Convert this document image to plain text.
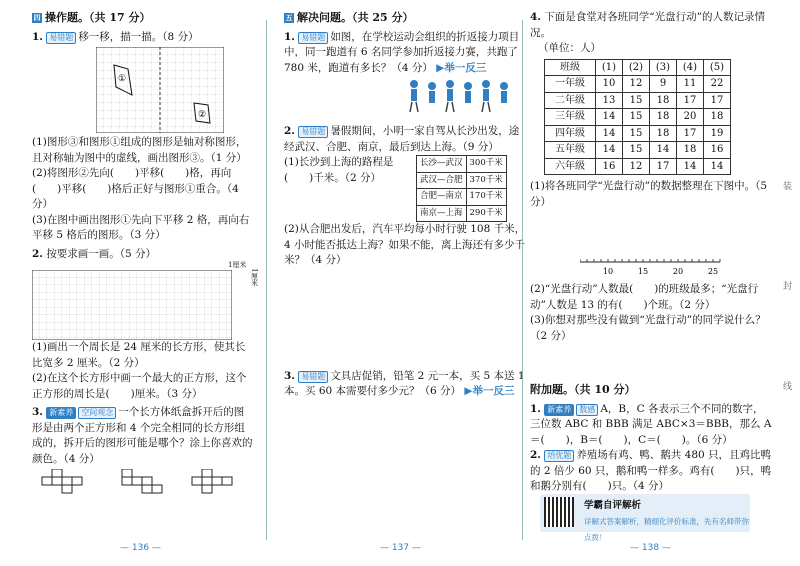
四 操作题。（共 17 分）

1. 易错题 移一移，描一描。（8 分）

①
②

(1)图形③和图形①组成的图形是轴对称图形，且对称轴为图中的虚线，画出图形③。（1 分）

(2)将图形②先向(　　)平移(　　)格，再向(　　)平移(　　)格后正好与图形①重合。（4 分）

(3)在图中画出图形①先向下平移 2 格，再向右平移 5 格后的图形。（3 分）

2. 按要求画一画。（5 分）

1厘米
1厘米

(1)画出一个周长是 24 厘米的长方形，使其长比宽多 2 厘米。（2 分）

(2)在这个长方形中画一个最大的正方形，这个正方形的周长是(　　)厘米。（3 分）

3. 新素养 空间观念 一个长方体纸盒拆开后的图形是由两个正方形和 4 个完全相同的长方形组成的，拆开后的图形可能是哪个？涂上你喜欢的颜色。（4 分）

— 136 —
五 解决问题。（共 25 分）

1. 易错题 如图，在学校运动会组织的折返接力项目中，同一跑道有 6 名同学参加折返接力赛，共跑了 780 米，跑道有多长？（4 分） ▶举一反三

2. 易错题 暑假期间，小明一家自驾从长沙出发，途经武汉、合肥、南京，最后到达上海。（9 分）

(1)长沙到上海的路程是(　　)千米。（2 分）

长沙—武汉	300千米
武汉—合肥	370千米
合肥—南京	170千米
南京—上海	290千米

(2)从合肥出发后，汽车平均每小时行驶 108 千米，4 小时能否抵达上海？如果不能，离上海还有多少千米？（4 分）

3. 易错题 文具店促销，铅笔 2 元一本，买 5 本送 1 本。买 60 本需要付多少元？（6 分） ▶举一反三

— 137 —

4. 下面是食堂对各班同学“光盘行动”的人数记录情况。

（单位：人）

班级	(1)	(2)	(3)	(4)	(5)
一年级	10	12	9	11	22
二年级	13	15	18	17	17
三年级	14	15	18	20	18
四年级	14	15	18	17	19
五年级	14	15	14	18	16
六年级	16	12	17	14	14

(1)将各班同学“光盘行动”的数据整理在下图中。（5 分）

10	15	20	25

(2)“光盘行动”人数最(　　)的班级最多；“光盘行动”人数是 13 的有(　　)个班。（2 分）

(3)你想对那些没有做到“光盘行动”的同学说什么？（2 分）

附加题。（共 10 分）

1. 新素养 数感 A，B，C 各表示三个不同的数字，三位数 ABC 和 BBB 满足 ABC×3＝BBB，那么 A＝(　　)，B＝(　　)，C＝(　　)。（6 分）

2. 培优题 养殖场有鸡、鸭、鹅共 480 只，且鸡比鸭的 2 倍少 60 只，鹅和鸭一样多。鸡有(　　)只，鸭和鹅分别有(　　)只。（4 分）

— 138 —
学霸自评解析
详解式答案解析，精细化评价标准，先有名师带你点拨！
装
封
线
